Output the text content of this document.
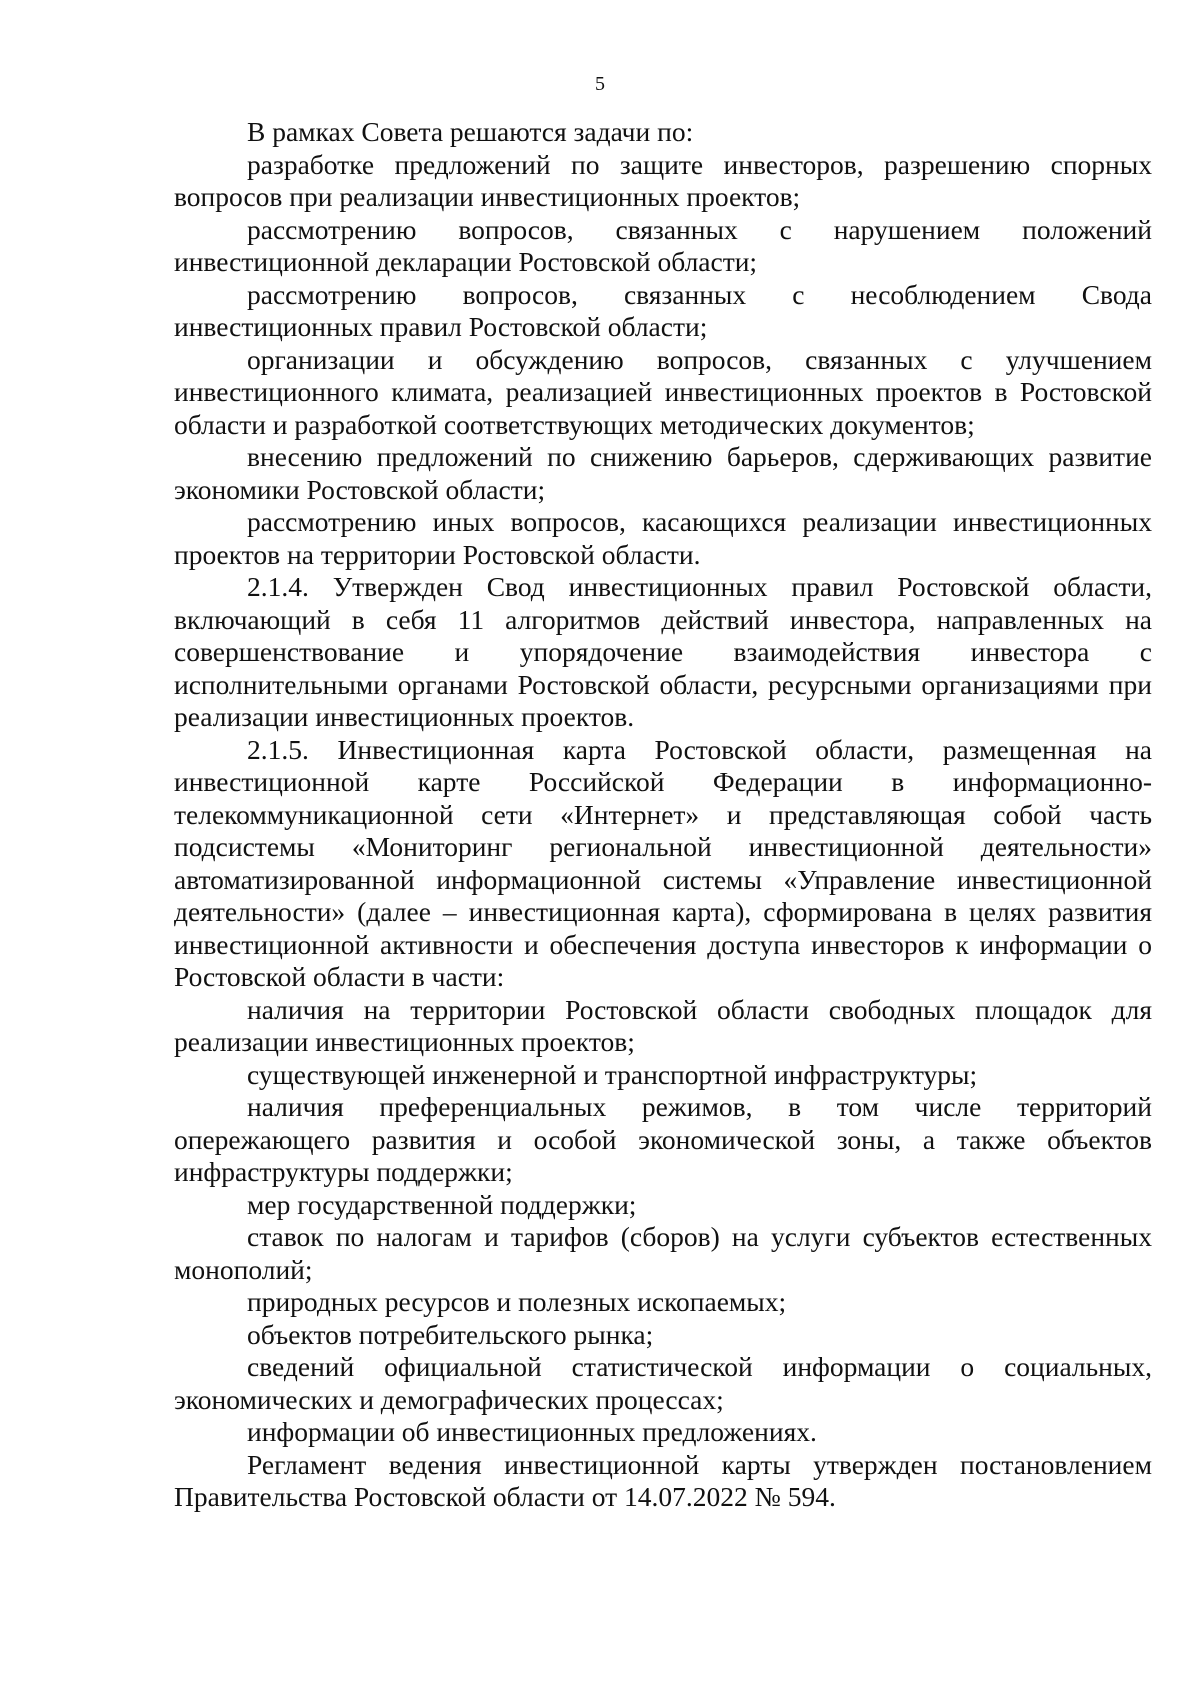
5

В рамках Совета решаются задачи по:

разработке предложений по защите инвесторов, разрешению спорных вопросов при реализации инвестиционных проектов;

рассмотрению вопросов, связанных с нарушением положений инвестиционной декларации Ростовской области;

рассмотрению вопросов, связанных с несоблюдением Свода инвестиционных правил Ростовской области;

организации и обсуждению вопросов, связанных с улучшением инвестиционного климата, реализацией инвестиционных проектов в Ростовской области и разработкой соответствующих методических документов;

внесению предложений по снижению барьеров, сдерживающих развитие экономики Ростовской области;

рассмотрению иных вопросов, касающихся реализации инвестиционных проектов на территории Ростовской области.

2.1.4. Утвержден Свод инвестиционных правил Ростовской области, включающий в себя 11 алгоритмов действий инвестора, направленных на совершенствование и упорядочение взаимодействия инвестора с исполнительными органами Ростовской области, ресурсными организациями при реализации инвестиционных проектов.

2.1.5. Инвестиционная карта Ростовской области, размещенная на инвестиционной карте Российской Федерации в информационно-телекоммуникационной сети «Интернет» и представляющая собой часть подсистемы «Мониторинг региональной инвестиционной деятельности» автоматизированной информационной системы «Управление инвестиционной деятельности» (далее – инвестиционная карта), сформирована в целях развития инвестиционной активности и обеспечения доступа инвесторов к информации о Ростовской области в части:

наличия на территории Ростовской области свободных площадок для реализации инвестиционных проектов;

существующей инженерной и транспортной инфраструктуры;

наличия преференциальных режимов, в том числе территорий опережающего развития и особой экономической зоны, а также объектов инфраструктуры поддержки;

мер государственной поддержки;

ставок по налогам и тарифов (сборов) на услуги субъектов естественных монополий;

природных ресурсов и полезных ископаемых;

объектов потребительского рынка;

сведений официальной статистической информации о социальных, экономических и демографических процессах;

информации об инвестиционных предложениях.

Регламент ведения инвестиционной карты утвержден постановлением Правительства Ростовской области от 14.07.2022 № 594.
